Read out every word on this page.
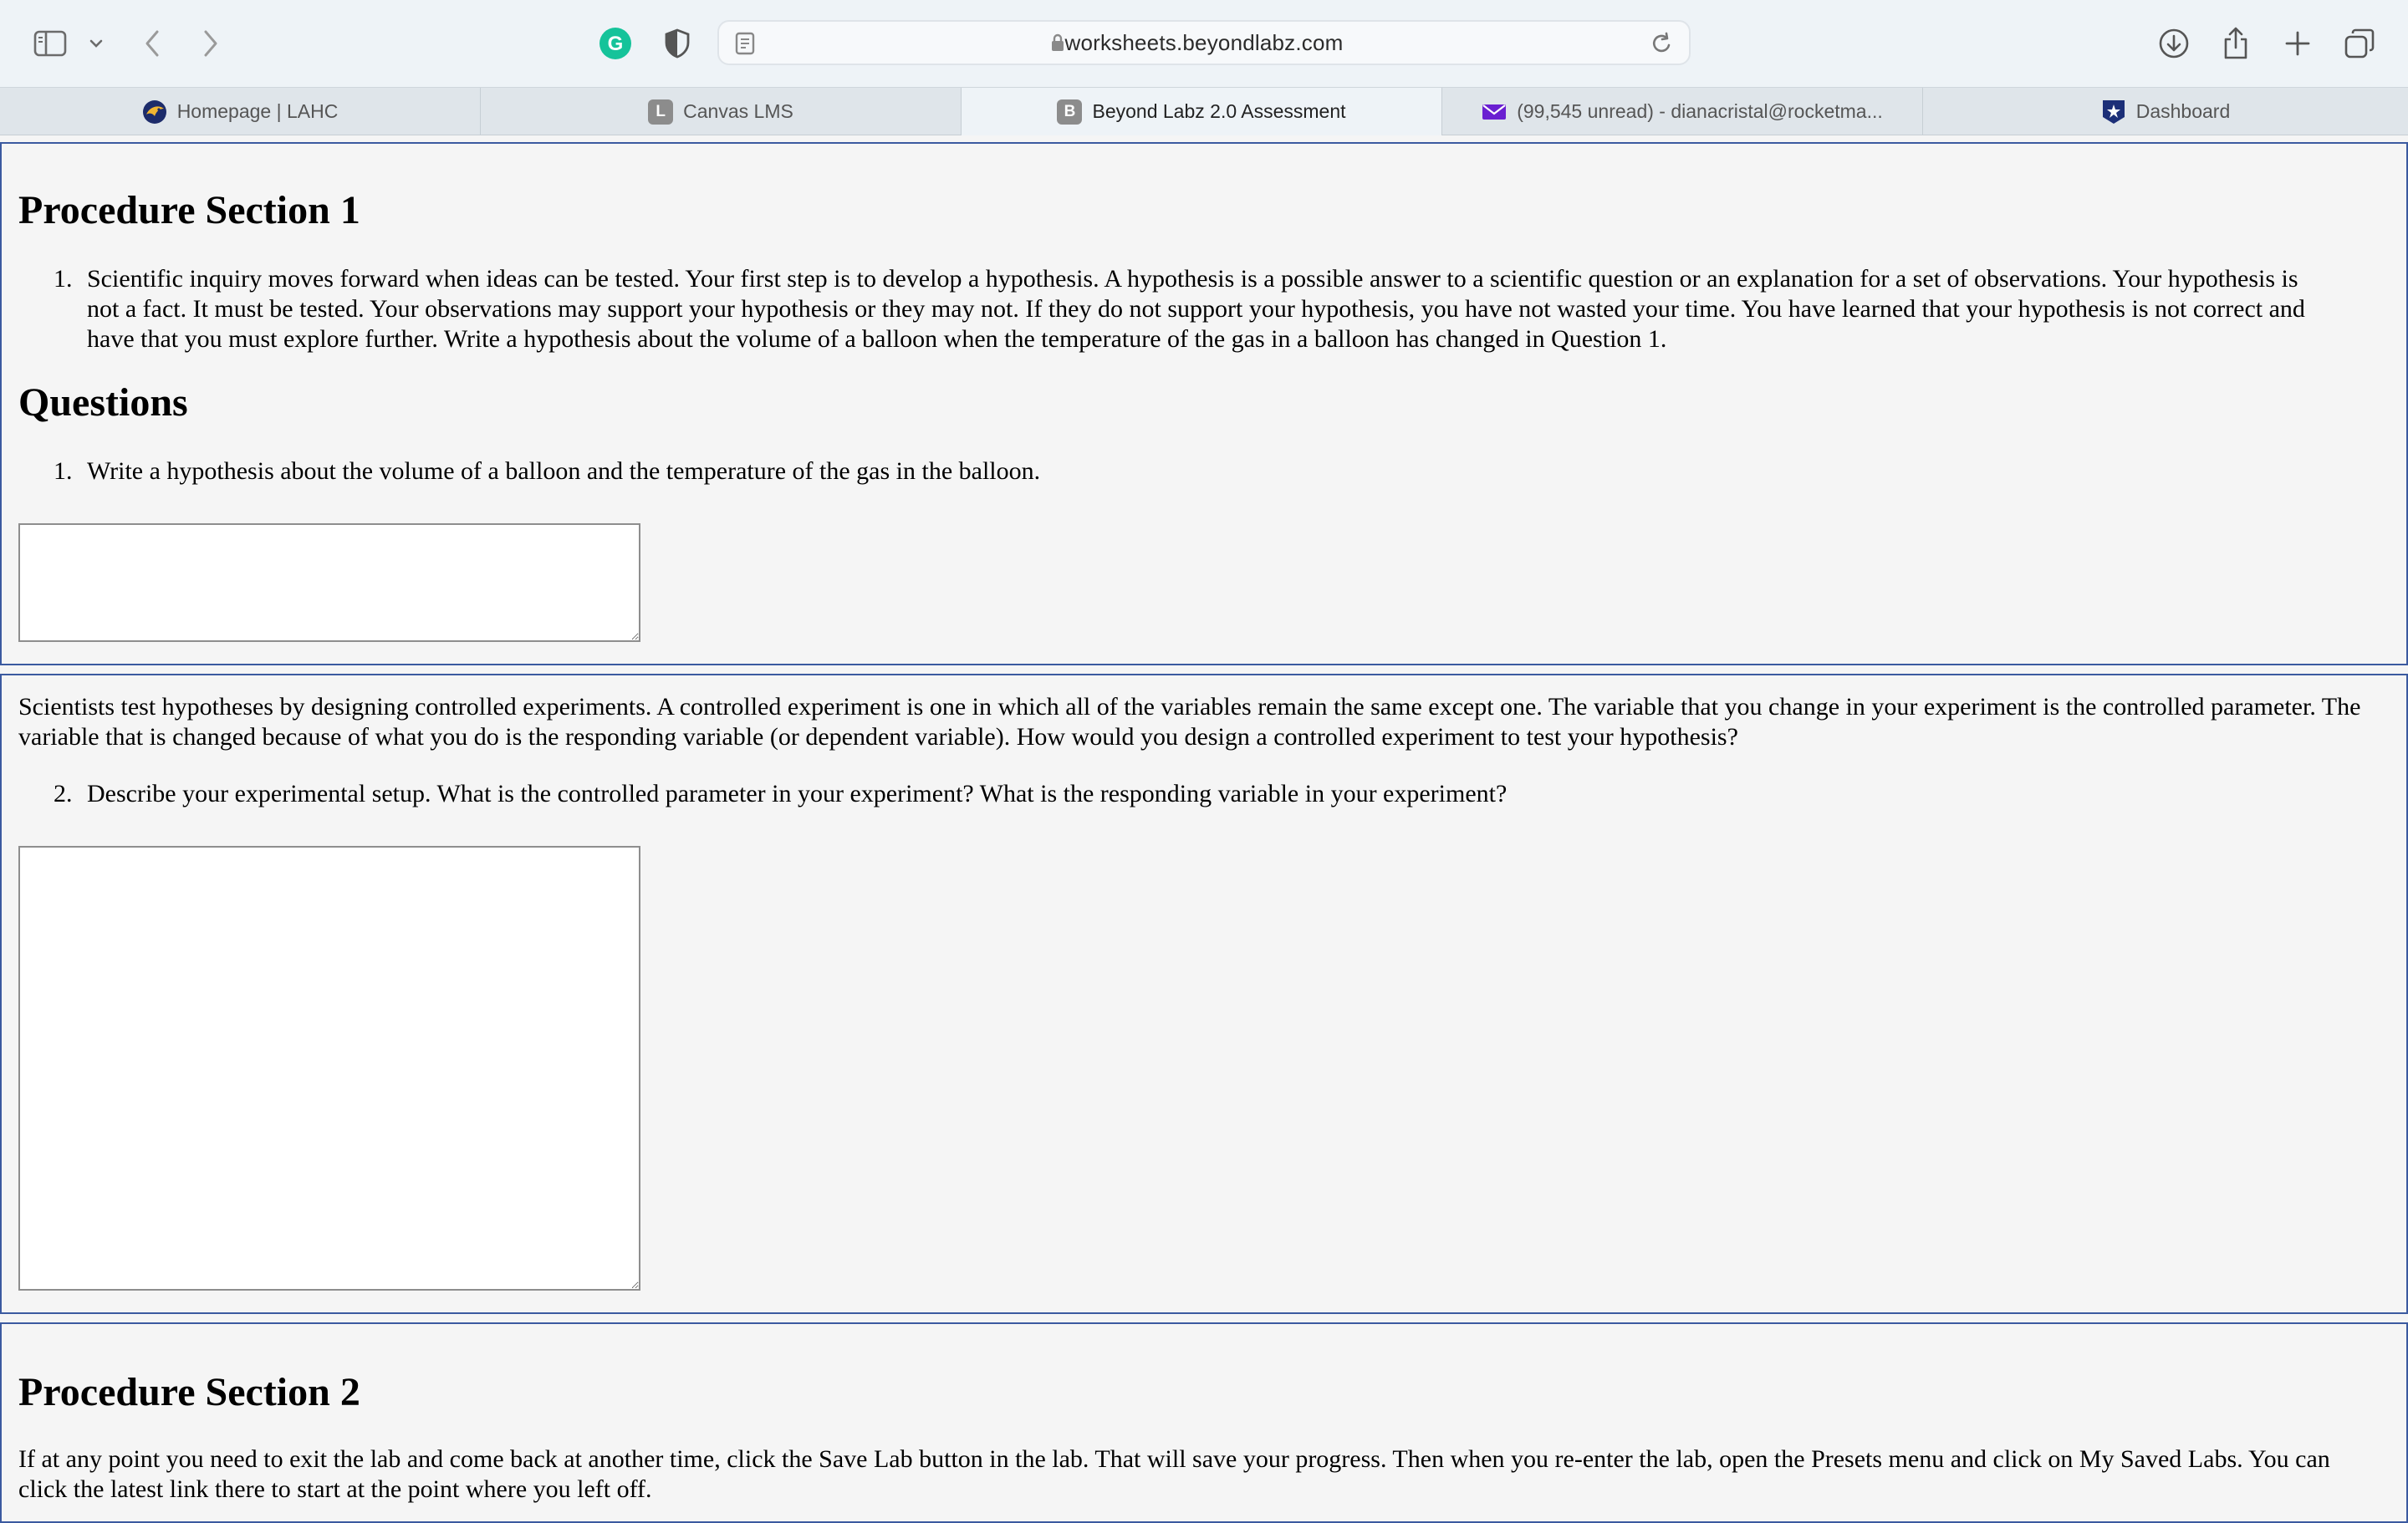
G	worksheets.beyondlabz.com
Homepage | LAHC	L Canvas LMS	B Beyond Labz 2.0 Assessment	(99,545 unread) - dianacristal@rocketma...	Dashboard
Procedure Section 1
1. Scientific inquiry moves forward when ideas can be tested. Your first step is to develop a hypothesis. A hypothesis is a possible answer to a scientific question or an explanation for a set of observations. Your hypothesis is not a fact. It must be tested. Your observations may support your hypothesis or they may not. If they do not support your hypothesis, you have not wasted your time. You have learned that your hypothesis is not correct and have that you must explore further. Write a hypothesis about the volume of a balloon when the temperature of the gas in a balloon has changed in Question 1.
Questions
1. Write a hypothesis about the volume of a balloon and the temperature of the gas in the balloon.
Scientists test hypotheses by designing controlled experiments. A controlled experiment is one in which all of the variables remain the same except one. The variable that you change in your experiment is the controlled parameter. The variable that is changed because of what you do is the responding variable (or dependent variable). How would you design a controlled experiment to test your hypothesis?
2. Describe your experimental setup. What is the controlled parameter in your experiment? What is the responding variable in your experiment?
Procedure Section 2
If at any point you need to exit the lab and come back at another time, click the Save Lab button in the lab. That will save your progress. Then when you re-enter the lab, open the Presets menu and click on My Saved Labs. You can click the latest link there to start at the point where you left off.
